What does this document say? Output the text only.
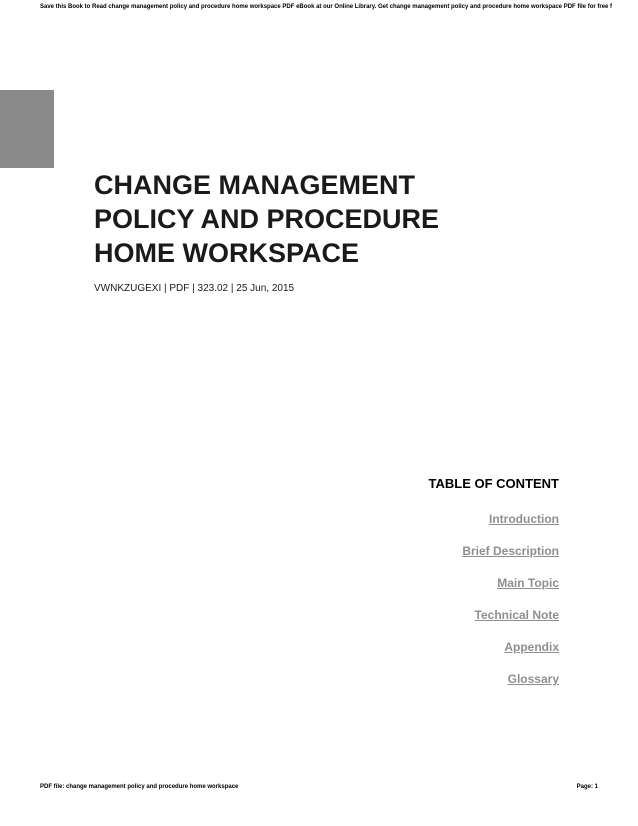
Save this Book to Read change management policy and procedure home workspace PDF eBook at our Online Library. Get change management policy and procedure home workspace PDF file for free f
CHANGE MANAGEMENT
POLICY AND PROCEDURE
HOME WORKSPACE
VWNKZUGEXI | PDF | 323.02 | 25 Jun, 2015
TABLE OF CONTENT
Introduction
Brief Description
Main Topic
Technical Note
Appendix
Glossary
PDF file: change management policy and procedure home workspace	Page: 1
